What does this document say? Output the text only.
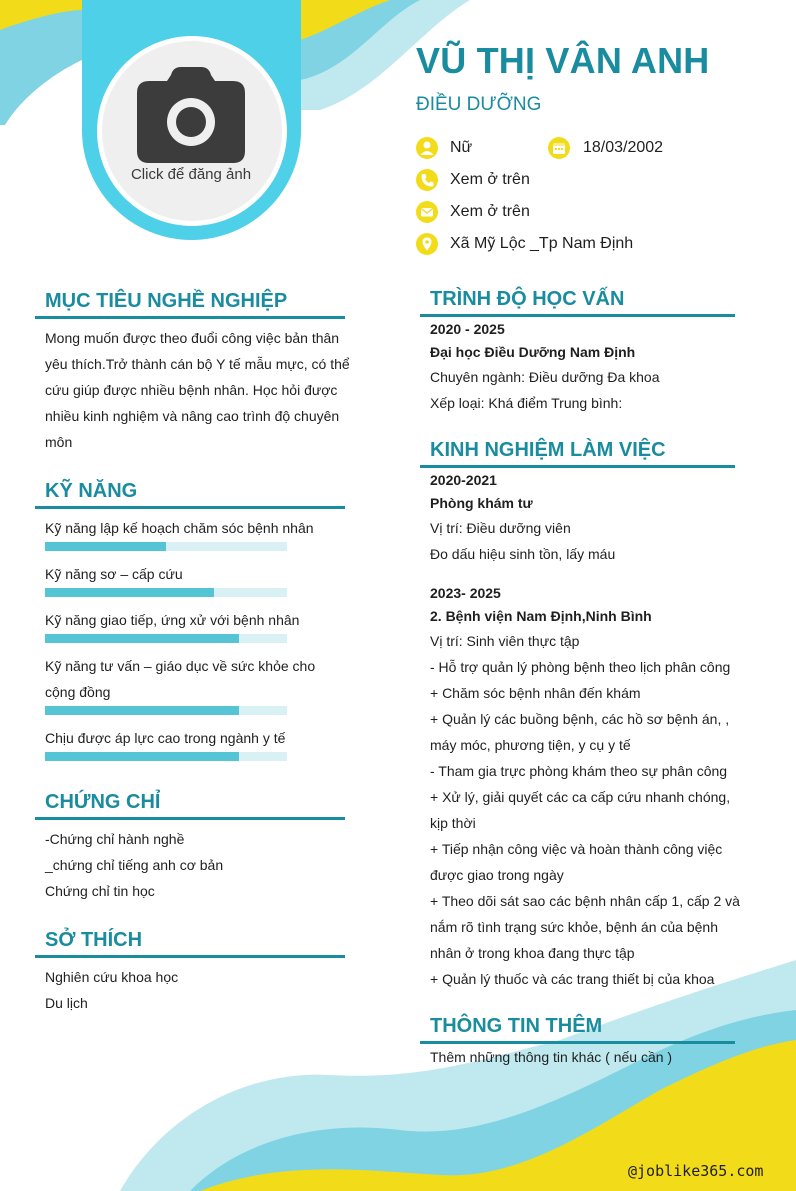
Click để đăng ảnh
VŨ THỊ VÂN ANH
ĐIỀU DƯỠNG
Nữ	18/03/2002
Xem ở trên
Xem ở trên
Xã Mỹ Lộc _Tp Nam Định
MỤC TIÊU NGHỀ NGHIỆP
Mong muốn được theo đuổi công việc bản thân
yêu thích.Trở thành cán bộ Y tế mẫu mực, có thể
cứu giúp được nhiều bệnh nhân. Học hỏi được
nhiều kinh nghiệm và nâng cao trình độ chuyên
môn
KỸ NĂNG
Kỹ năng lập kế hoạch chăm sóc bệnh nhân
Kỹ năng sơ – cấp cứu
Kỹ năng giao tiếp, ứng xử với bệnh nhân
Kỹ năng tư vấn – giáo dục về sức khỏe cho
cộng đồng
Chịu được áp lực cao trong ngành y tế
CHỨNG CHỈ
-Chứng chỉ hành nghề
_chứng chỉ tiếng anh cơ bản
Chứng chỉ tin học
SỞ THÍCH
Nghiên cứu khoa học
Du lịch
TRÌNH ĐỘ HỌC VẤN
2020 - 2025
Đại học Điều Dưỡng Nam Định
Chuyên ngành: Điều dưỡng Đa khoa
Xếp loại: Khá điểm Trung bình:
KINH NGHIỆM LÀM VIỆC
2020-2021
Phòng khám tư
Vị trí: Điều dưỡng viên
Đo dấu hiệu sinh tồn, lấy máu
2023- 2025
2. Bệnh viện Nam Định,Ninh Bình
Vị trí: Sinh viên thực tập
- Hỗ trợ quản lý phòng bệnh theo lịch phân công
+ Chăm sóc bệnh nhân đến khám
+ Quản lý các buồng bệnh, các hồ sơ bệnh án, ,
máy móc, phương tiện, y cụ y tế
- Tham gia trực phòng khám theo sự phân công
+ Xử lý, giải quyết các ca cấp cứu nhanh chóng,
kịp thời
+ Tiếp nhận công việc và hoàn thành công việc
được giao trong ngày
+ Theo dõi sát sao các bệnh nhân cấp 1, cấp 2 và
nắm rõ tình trạng sức khỏe, bệnh án của bệnh
nhân ở trong khoa đang thực tập
+ Quản lý thuốc và các trang thiết bị của khoa
THÔNG TIN THÊM
Thêm những thông tin khác ( nếu cần )
@joblike365.com
